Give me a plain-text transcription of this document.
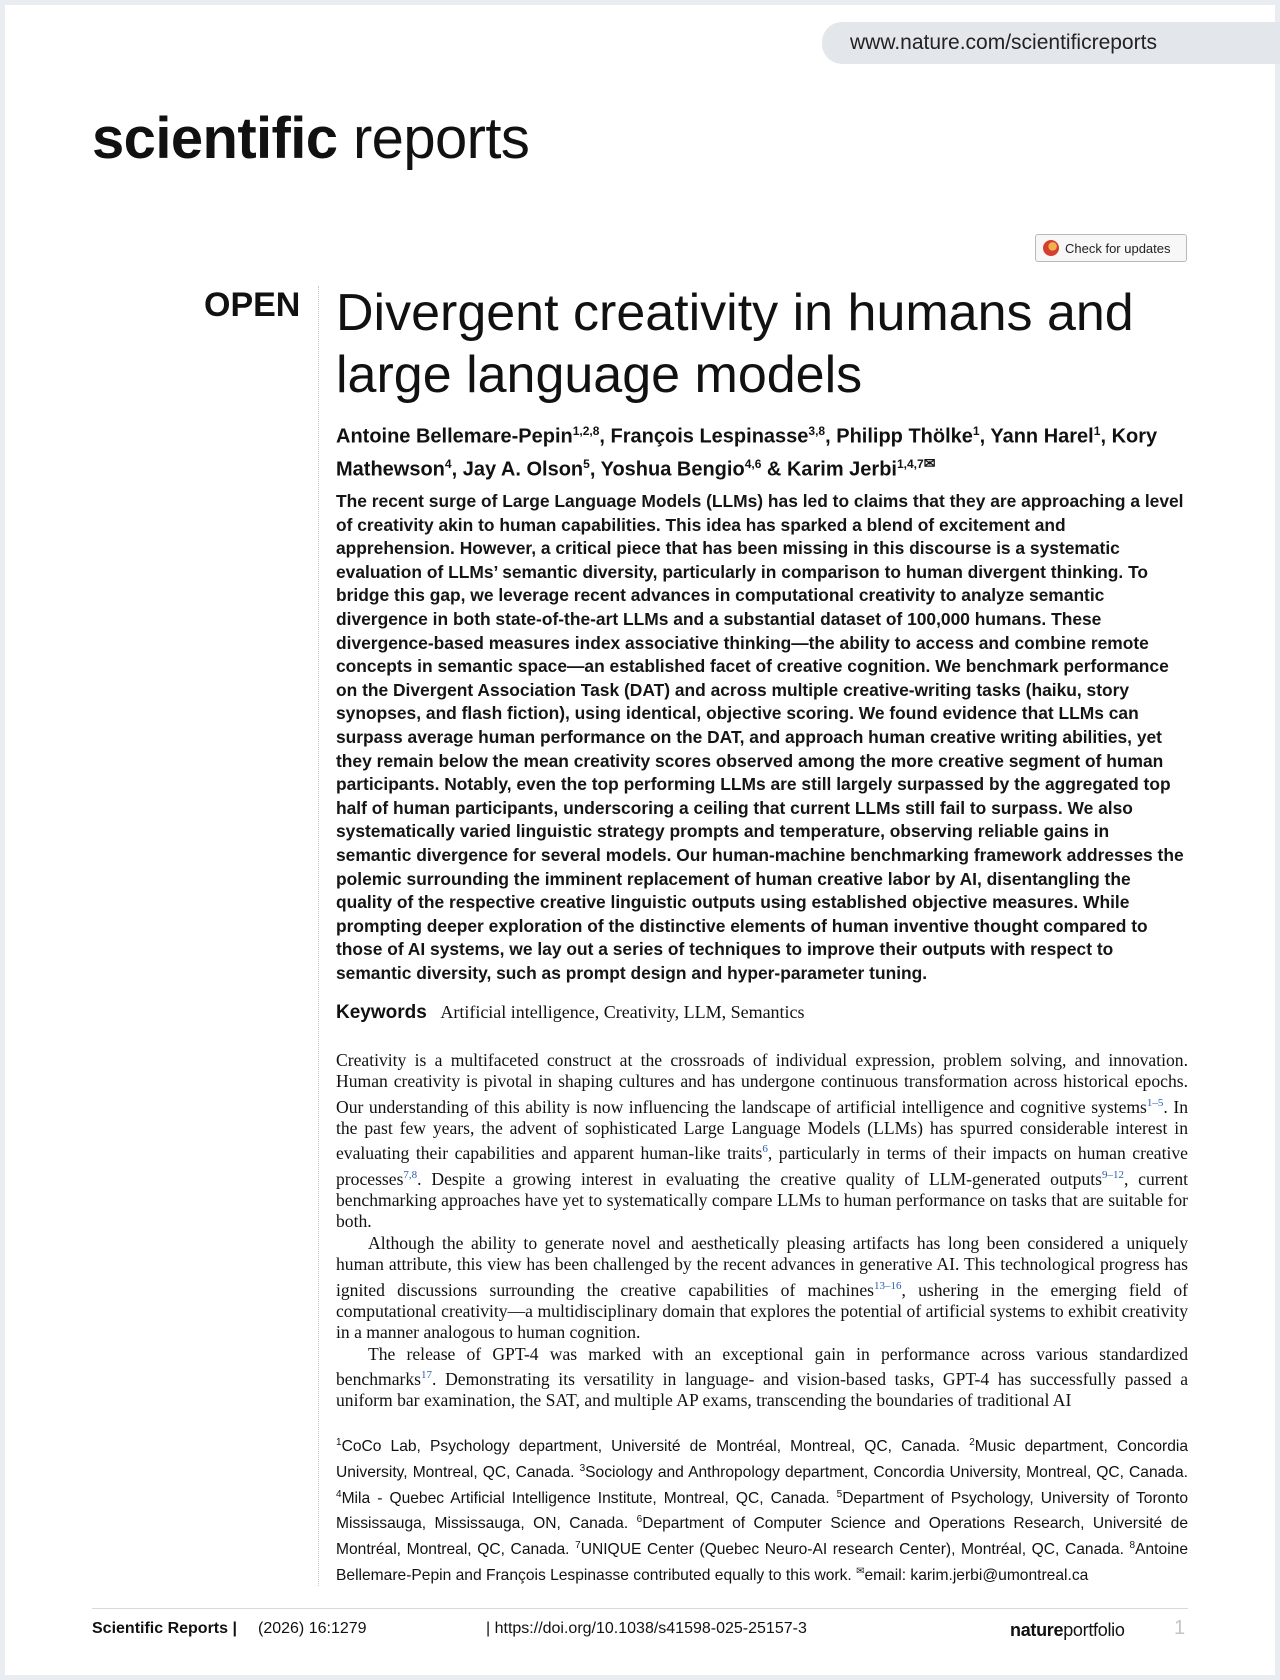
www.nature.com/scientificreports
scientific reports
Check for updates
OPEN Divergent creativity in humans and large language models
Antoine Bellemare-Pepin$^{1,2,8}$, François Lespinasse$^{3,8}$, Philipp Thölke$^1$, Yann Harel$^1$, Kory Mathewson$^4$, Jay A. Olson$^5$, Yoshua Bengio$^{4,6}$ & Karim Jerbi$^{1,4,7✉}$
The recent surge of Large Language Models (LLMs) has led to claims that they are approaching a level of creativity akin to human capabilities. This idea has sparked a blend of excitement and apprehension. However, a critical piece that has been missing in this discourse is a systematic evaluation of LLMs’ semantic diversity, particularly in comparison to human divergent thinking. To bridge this gap, we leverage recent advances in computational creativity to analyze semantic divergence in both state-of-the-art LLMs and a substantial dataset of 100,000 humans. These divergence-based measures index associative thinking—the ability to access and combine remote concepts in semantic space—an established facet of creative cognition. We benchmark performance on the Divergent Association Task (DAT) and across multiple creative-writing tasks (haiku, story synopses, and flash fiction), using identical, objective scoring. We found evidence that LLMs can surpass average human performance on the DAT, and approach human creative writing abilities, yet they remain below the mean creativity scores observed among the more creative segment of human participants. Notably, even the top performing LLMs are still largely surpassed by the aggregated top half of human participants, underscoring a ceiling that current LLMs still fail to surpass. We also systematically varied linguistic strategy prompts and temperature, observing reliable gains in semantic divergence for several models. Our human-machine benchmarking framework addresses the polemic surrounding the imminent replacement of human creative labor by AI, disentangling the quality of the respective creative linguistic outputs using established objective measures. While prompting deeper exploration of the distinctive elements of human inventive thought compared to those of AI systems, we lay out a series of techniques to improve their outputs with respect to semantic diversity, such as prompt design and hyper-parameter tuning.
Keywords Artificial intelligence, Creativity, LLM, Semantics

Creativity is a multifaceted construct at the crossroads of individual expression, problem solving, and innovation. Human creativity is pivotal in shaping cultures and has undergone continuous transformation across historical epochs. Our understanding of this ability is now influencing the landscape of artificial intelligence and cognitive systems$^{1-5}$. In the past few years, the advent of sophisticated Large Language Models (LLMs) has spurred considerable interest in evaluating their capabilities and apparent human-like traits$^6$, particularly in terms of their impacts on human creative processes$^{7,8}$. Despite a growing interest in evaluating the creative quality of LLM-generated outputs$^{9-12}$, current benchmarking approaches have yet to systematically compare LLMs to human performance on tasks that are suitable for both.

Although the ability to generate novel and aesthetically pleasing artifacts has long been considered a uniquely human attribute, this view has been challenged by the recent advances in generative AI. This technological progress has ignited discussions surrounding the creative capabilities of machines$^{13-16}$, ushering in the emerging field of computational creativity—a multidisciplinary domain that explores the potential of artificial systems to exhibit creativity in a manner analogous to human cognition.

The release of GPT-4 was marked with an exceptional gain in performance across various standardized benchmarks$^{17}$. Demonstrating its versatility in language- and vision-based tasks, GPT-4 has successfully passed a uniform bar examination, the SAT, and multiple AP exams, transcending the boundaries of traditional AI

$^1$CoCo Lab, Psychology department, Université de Montréal, Montreal, QC, Canada. $^2$Music department, Concordia University, Montreal, QC, Canada. $^3$Sociology and Anthropology department, Concordia University, Montreal, QC, Canada. $^4$Mila - Quebec Artificial Intelligence Institute, Montreal, QC, Canada. $^5$Department of Psychology, University of Toronto Mississauga, Mississauga, ON, Canada. $^6$Department of Computer Science and Operations Research, Université de Montréal, Montreal, QC, Canada. $^7$UNIQUE Center (Quebec Neuro-AI research Center), Montréal, QC, Canada. $^8$Antoine Bellemare-Pepin and François Lespinasse contributed equally to this work. ✉email: karim.jerbi@umontreal.ca
Scientific Reports | (2026) 16:1279	| https://doi.org/10.1038/s41598-025-25157-3	natureportfolio 1
